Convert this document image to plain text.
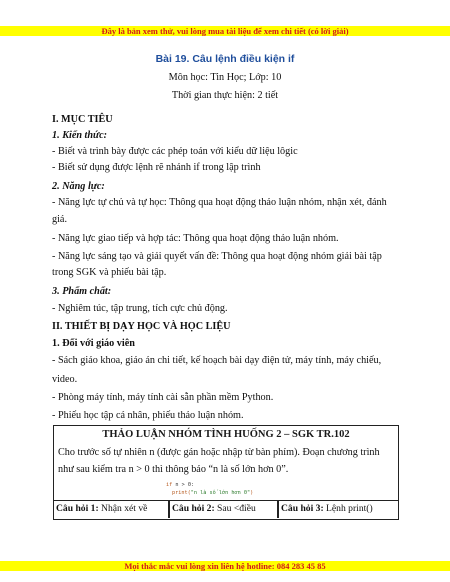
Đây là bản xem thử, vui lòng mua tài liệu để xem chi tiết (có lời giải)
Bài 19. Câu lệnh điều kiện if
Môn học: Tin Học; Lớp: 10
Thời gian thực hiện: 2 tiết
I. MỤC TIÊU
1. Kiến thức:
- Biết và trình bày được các phép toán với kiểu dữ liệu lôgic
- Biết sử dụng được lệnh rẽ nhánh if trong lập trình
2. Năng lực:
- Năng lực tự chủ và tự học: Thông qua hoạt động thảo luận nhóm, nhận xét, đánh
giá.
- Năng lực giao tiếp và hợp tác: Thông qua hoạt động thảo luận nhóm.
- Năng lực sáng tạo và giải quyết vấn đề: Thông qua hoạt động nhóm giải bài tập
trong SGK và phiếu bài tập.
3. Phẩm chất:
- Nghiêm túc, tập trung, tích cực chủ động.
II. THIẾT BỊ DẠY HỌC VÀ HỌC LIỆU
1. Đối với giáo viên
- Sách giáo khoa, giáo án chi tiết, kế hoạch bài dạy điện tử, máy tính, máy chiếu,
video.
- Phòng máy tính, máy tính cài sẵn phần mềm Python.
- Phiếu học tập cá nhân, phiếu thảo luận nhóm.
THẢO LUẬN NHÓM TÌNH HUỐNG 2 – SGK TR.102
Cho trước số tự nhiên n (được gán hoặc nhập từ bàn phím). Đoạn chương trình
như sau kiểm tra n > 0 thì thông báo “n là số lớn hơn 0”.
if n > 0:
print("n là số lớn hơn 0")
Câu hỏi 1: Nhận xét về	Câu hỏi 2: Sau <điều	Câu hỏi 3: Lệnh print()
Mọi thắc mắc vui lòng xin liên hệ hotline: 084 283 45 85
